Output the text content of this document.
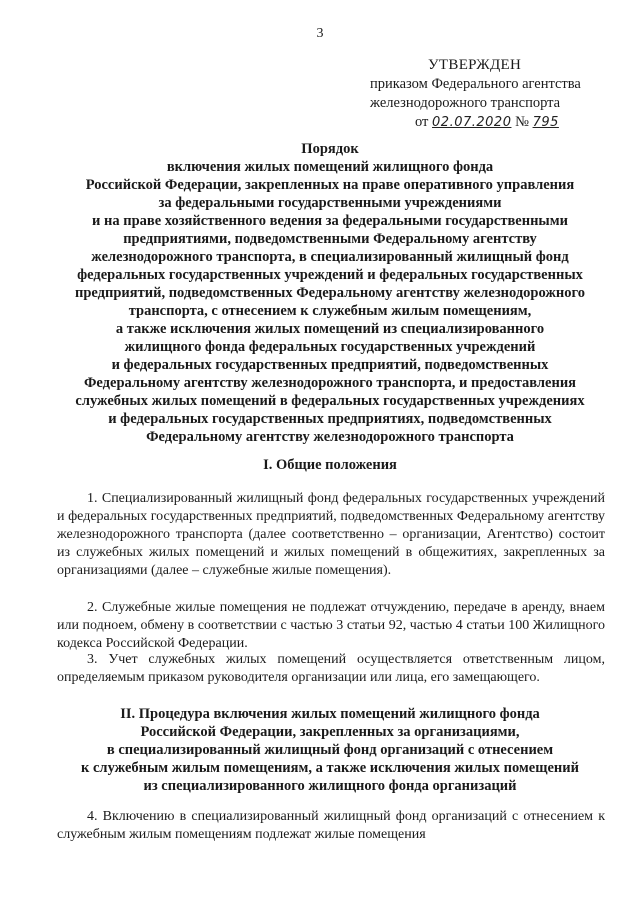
3
УТВЕРЖДЕН
приказом Федерального агентства
железнодорожного транспорта
от 02.07.2020 № 795
Порядок
включения жилых помещений жилищного фонда
Российской Федерации, закрепленных на праве оперативного управления
за федеральными государственными учреждениями
и на праве хозяйственного ведения за федеральными государственными
предприятиями, подведомственными Федеральному агентству
железнодорожного транспорта, в специализированный жилищный фонд
федеральных государственных учреждений и федеральных государственных
предприятий, подведомственных Федеральному агентству железнодорожного
транспорта, с отнесением к служебным жилым помещениям,
а также исключения жилых помещений из специализированного
жилищного фонда федеральных государственных учреждений
и федеральных государственных предприятий, подведомственных
Федеральному агентству железнодорожного транспорта, и предоставления
служебных жилых помещений в федеральных государственных учреждениях
и федеральных государственных предприятиях, подведомственных
Федеральному агентству железнодорожного транспорта
I. Общие положения

1. Специализированный жилищный фонд федеральных государственных учреждений и федеральных государственных предприятий, подведомственных Федеральному агентству железнодорожного транспорта (далее соответственно – организации, Агентство) состоит из служебных жилых помещений и жилых помещений в общежитиях, закрепленных за организациями (далее – служебные жилые помещения).

2. Служебные жилые помещения не подлежат отчуждению, передаче в аренду, внаем или подноем, обмену в соответствии с частью 3 статьи 92, частью 4 статьи 100 Жилищного кодекса Российской Федерации.

3. Учет служебных жилых помещений осуществляется ответственным лицом, определяемым приказом руководителя организации или лица, его замещающего.

II. Процедура включения жилых помещений жилищного фонда
Российской Федерации, закрепленных за организациями,
в специализированный жилищный фонд организаций с отнесением
к служебным жилым помещениям, а также исключения жилых помещений
из специализированного жилищного фонда организаций

4. Включению в специализированный жилищный фонд организаций с отнесением к служебным жилым помещениям подлежат жилые помещения
